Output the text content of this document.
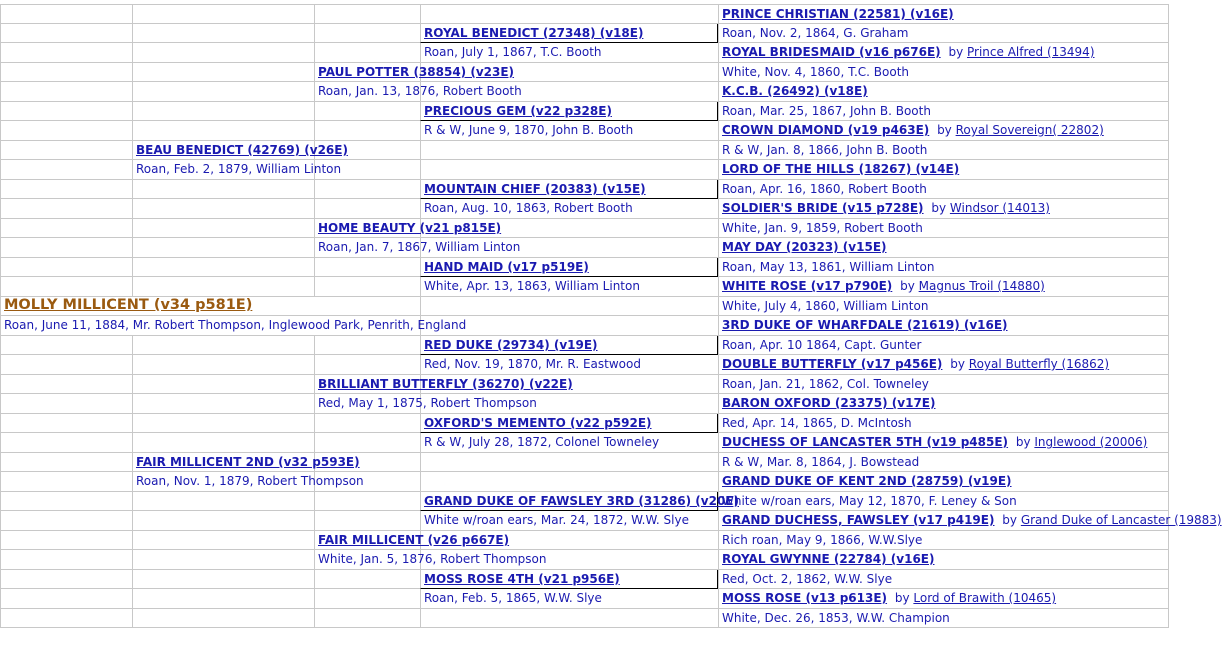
PRINCE CHRISTIAN (22581) (v16E)
Roan, Nov. 2, 1864, G. Graham
ROYAL BRIDESMAID (v16 p676E) by Prince Alfred (13494)
White, Nov. 4, 1860, T.C. Booth
K.C.B. (26492) (v18E)
Roan, Mar. 25, 1867, John B. Booth
CROWN DIAMOND (v19 p463E) by Royal Sovereign( 22802)
R & W, Jan. 8, 1866, John B. Booth
LORD OF THE HILLS (18267) (v14E)
Roan, Apr. 16, 1860, Robert Booth
SOLDIER'S BRIDE (v15 p728E) by Windsor (14013)
White, Jan. 9, 1859, Robert Booth
MAY DAY (20323) (v15E)
Roan, May 13, 1861, William Linton
WHITE ROSE (v17 p790E) by Magnus Troil (14880)
White, July 4, 1860, William Linton
3RD DUKE OF WHARFDALE (21619) (v16E)
Roan, Apr. 10 1864, Capt. Gunter
DOUBLE BUTTERFLY (v17 p456E) by Royal Butterfly (16862)
Roan, Jan. 21, 1862, Col. Towneley
BARON OXFORD (23375) (v17E)
Red, Apr. 14, 1865, D. McIntosh
DUCHESS OF LANCASTER 5TH (v19 p485E) by Inglewood (20006)
R & W, Mar. 8, 1864, J. Bowstead
GRAND DUKE OF KENT 2ND (28759) (v19E)
White w/roan ears, May 12, 1870, F. Leney & Son
GRAND DUCHESS, FAWSLEY (v17 p419E) by Grand Duke of Lancaster (19883)
Rich roan, May 9, 1866, W.W.Slye
ROYAL GWYNNE (22784) (v16E)
Red, Oct. 2, 1862, W.W. Slye
MOSS ROSE (v13 p613E) by Lord of Brawith (10465)
White, Dec. 26, 1853, W.W. Champion
ROYAL BENEDICT (27348) (v18E)
Roan, July 1, 1867, T.C. Booth
PRECIOUS GEM (v22 p328E)
R & W, June 9, 1870, John B. Booth
MOUNTAIN CHIEF (20383) (v15E)
Roan, Aug. 10, 1863, Robert Booth
HAND MAID (v17 p519E)
White, Apr. 13, 1863, William Linton
RED DUKE (29734) (v19E)
Red, Nov. 19, 1870, Mr. R. Eastwood
OXFORD'S MEMENTO (v22 p592E)
R & W, July 28, 1872, Colonel Towneley
GRAND DUKE OF FAWSLEY 3RD (31286) (v20E)
White w/roan ears, Mar. 24, 1872, W.W. Slye
MOSS ROSE 4TH (v21 p956E)
Roan, Feb. 5, 1865, W.W. Slye
PAUL POTTER (38854) (v23E)
Roan, Jan. 13, 1876, Robert Booth
HOME BEAUTY (v21 p815E)
Roan, Jan. 7, 1867, William Linton
BRILLIANT BUTTERFLY (36270) (v22E)
Red, May 1, 1875, Robert Thompson
FAIR MILLICENT (v26 p667E)
White, Jan. 5, 1876, Robert Thompson
BEAU BENEDICT (42769) (v26E)
Roan, Feb. 2, 1879, William Linton
FAIR MILLICENT 2ND (v32 p593E)
Roan, Nov. 1, 1879, Robert Thompson
MOLLY MILLICENT (v34 p581E)
Roan, June 11, 1884, Mr. Robert Thompson, Inglewood Park, Penrith, England
